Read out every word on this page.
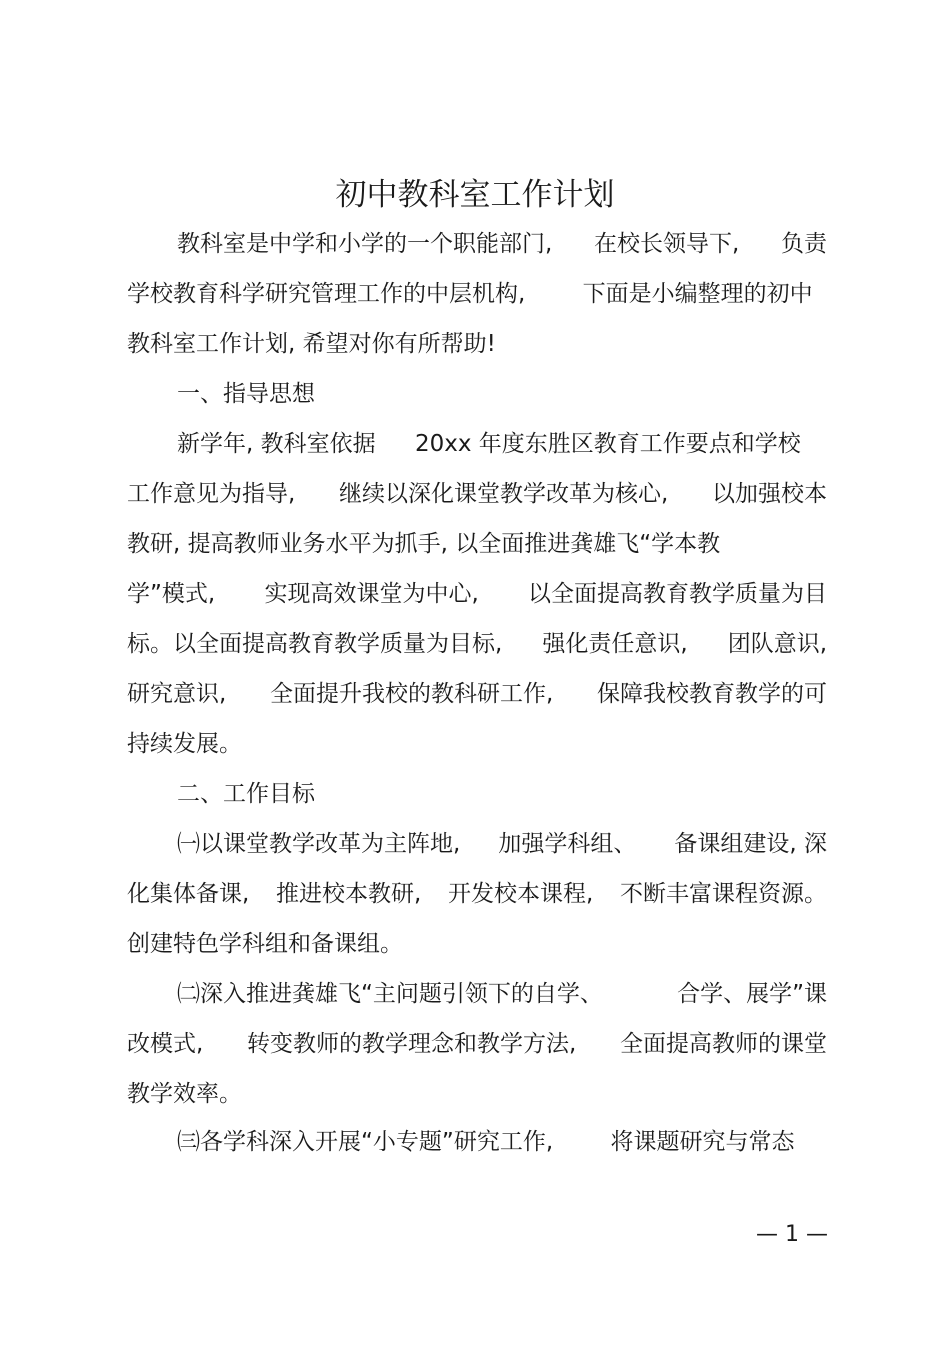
初中教科室工作计划
教科室是中学和小学的一个职能部门, 在校长领导下, 负责
学校教育科学研究管理工作的中层机构, 下面是小编整理的初中
教科室工作计划, 希望对你有所帮助!
一、指导思想
新学年, 教科室依据 20xx 年度东胜区教育工作要点和学校
工作意见为指导, 继续以深化课堂教学改革为核心, 以加强校本
教研, 提高教师业务水平为抓手, 以全面推进龚雄飞“学本教
学”模式, 实现高效课堂为中心, 以全面提高教育教学质量为目
标。以全面提高教育教学质量为目标, 强化责任意识, 团队意识,
研究意识, 全面提升我校的教科研工作, 保障我校教育教学的可
持续发展。
二、工作目标
㈠以课堂教学改革为主阵地, 加强学科组、 备课组建设, 深
化集体备课, 推进校本教研, 开发校本课程, 不断丰富课程资源。
创建特色学科组和备课组。
㈡深入推进龚雄飞“主问题引领下的自学、	合学、展学”课
改模式, 转变教师的教学理念和教学方法, 全面提高教师的课堂
教学效率。
㈢各学科深入开展“小专题”研究工作, 将课题研究与常态
— 1 —
